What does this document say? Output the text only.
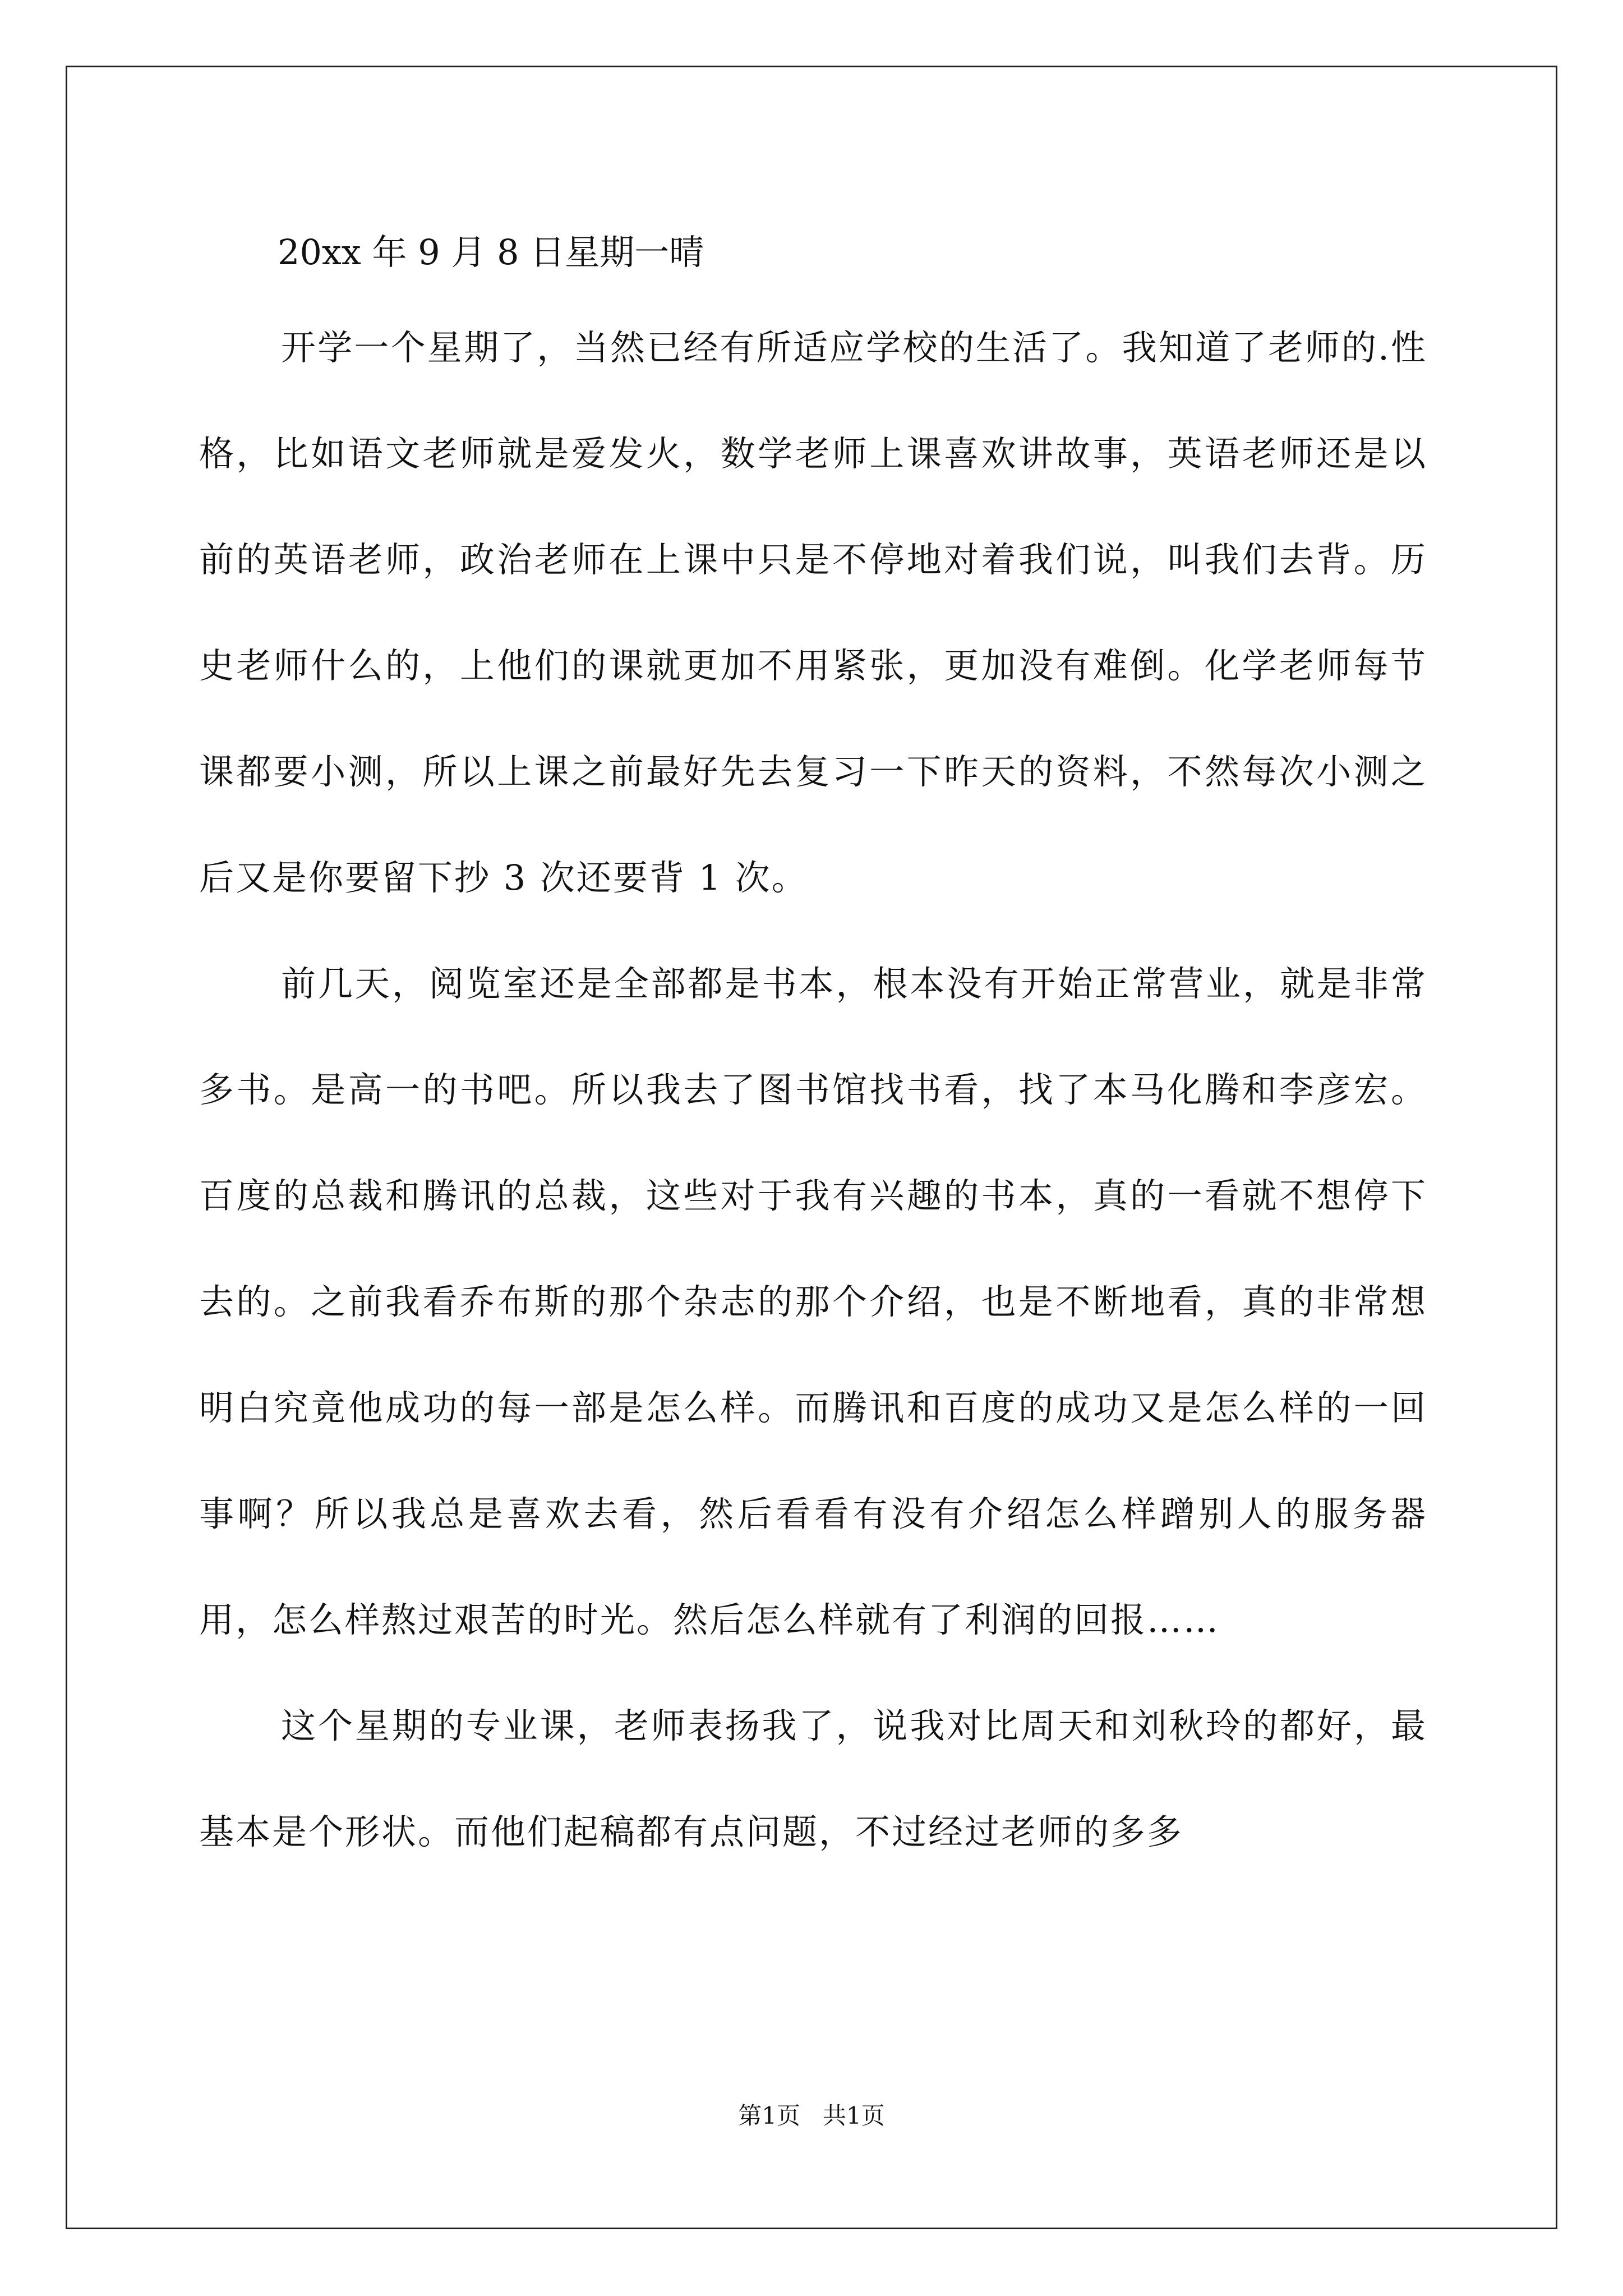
20xx 年 9 月 8 日星期一晴

开学一个星期了，当然已经有所适应学校的生活了。我知道了老师的.性格，比如语文老师就是爱发火，数学老师上课喜欢讲故事，英语老师还是以前的英语老师，政治老师在上课中只是不停地对着我们说，叫我们去背。历史老师什么的，上他们的课就更加不用紧张，更加没有难倒。化学老师每节课都要小测，所以上课之前最好先去复习一下昨天的资料，不然每次小测之后又是你要留下抄 3 次还要背 1 次。

前几天，阅览室还是全部都是书本，根本没有开始正常营业，就是非常多书。是高一的书吧。所以我去了图书馆找书看，找了本马化腾和李彦宏。百度的总裁和腾讯的总裁，这些对于我有兴趣的书本，真的一看就不想停下去的。之前我看乔布斯的那个杂志的那个介绍，也是不断地看，真的非常想明白究竟他成功的每一部是怎么样。而腾讯和百度的成功又是怎么样的一回事啊？所以我总是喜欢去看，然后看看有没有介绍怎么样蹭别人的服务器用，怎么样熬过艰苦的时光。然后怎么样就有了利润的回报……

这个星期的专业课，老师表扬我了，说我对比周天和刘秋玲的都好，最基本是个形状。而他们起稿都有点问题，不过经过老师的多多

第1页   共1页
